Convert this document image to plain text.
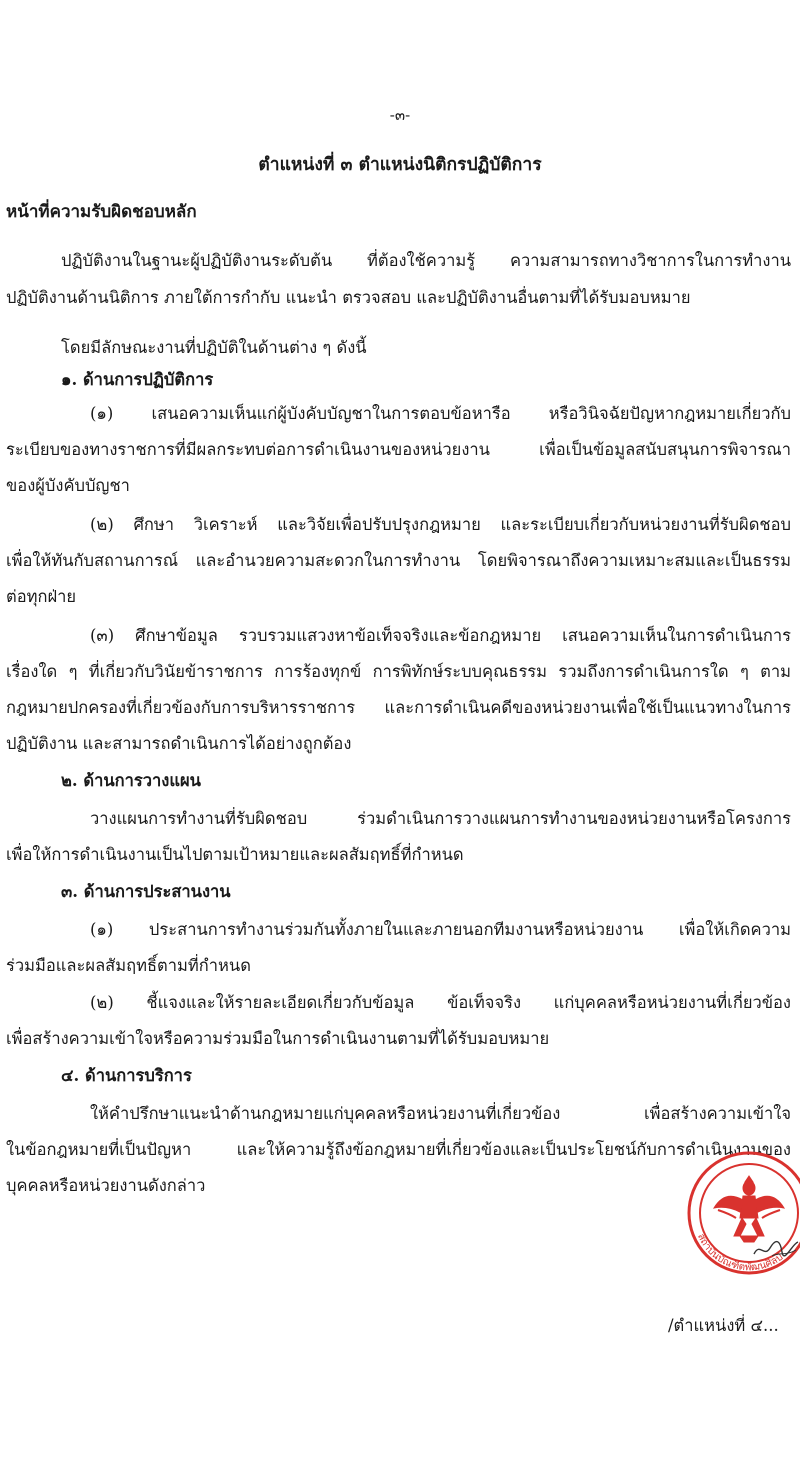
-๓-
ตำแหน่งที่ ๓ ตำแหน่งนิติกรปฏิบัติการ
หน้าที่ความรับผิดชอบหลัก
ปฏิบัติงานในฐานะผู้ปฏิบัติงานระดับต้น ที่ต้องใช้ความรู้ ความสามารถทางวิชาการในการทำงาน
ปฏิบัติงานด้านนิติการ ภายใต้การกำกับ แนะนำ ตรวจสอบ และปฏิบัติงานอื่นตามที่ได้รับมอบหมาย
โดยมีลักษณะงานที่ปฏิบัติในด้านต่าง ๆ ดังนี้
๑. ด้านการปฏิบัติการ
(๑) เสนอความเห็นแก่ผู้บังคับบัญชาในการตอบข้อหารือ หรือวินิจฉัยปัญหากฎหมายเกี่ยวกับ
ระเบียบของทางราชการที่มีผลกระทบต่อการดำเนินงานของหน่วยงาน เพื่อเป็นข้อมูลสนับสนุนการพิจารณา
ของผู้บังคับบัญชา
(๒) ศึกษา วิเคราะห์ และวิจัยเพื่อปรับปรุงกฎหมาย และระเบียบเกี่ยวกับหน่วยงานที่รับผิดชอบ
เพื่อให้ทันกับสถานการณ์ และอำนวยความสะดวกในการทำงาน โดยพิจารณาถึงความเหมาะสมและเป็นธรรม
ต่อทุกฝ่าย
(๓) ศึกษาข้อมูล รวบรวมแสวงหาข้อเท็จจริงและข้อกฎหมาย เสนอความเห็นในการดำเนินการ
เรื่องใด ๆ ที่เกี่ยวกับวินัยข้าราชการ การร้องทุกข์ การพิทักษ์ระบบคุณธรรม รวมถึงการดำเนินการใด ๆ ตาม
กฎหมายปกครองที่เกี่ยวข้องกับการบริหารราชการ และการดำเนินคดีของหน่วยงานเพื่อใช้เป็นแนวทางในการ
ปฏิบัติงาน และสามารถดำเนินการได้อย่างถูกต้อง
๒. ด้านการวางแผน
วางแผนการทำงานที่รับผิดชอบ ร่วมดำเนินการวางแผนการทำงานของหน่วยงานหรือโครงการ
เพื่อให้การดำเนินงานเป็นไปตามเป้าหมายและผลสัมฤทธิ์ที่กำหนด
๓. ด้านการประสานงาน
(๑) ประสานการทำงานร่วมกันทั้งภายในและภายนอกทีมงานหรือหน่วยงาน เพื่อให้เกิดความ
ร่วมมือและผลสัมฤทธิ์ตามที่กำหนด
(๒) ชี้แจงและให้รายละเอียดเกี่ยวกับข้อมูล ข้อเท็จจริง แก่บุคคลหรือหน่วยงานที่เกี่ยวข้อง
เพื่อสร้างความเข้าใจหรือความร่วมมือในการดำเนินงานตามที่ได้รับมอบหมาย
๔. ด้านการบริการ
ให้คำปรึกษาแนะนำด้านกฎหมายแก่บุคคลหรือหน่วยงานที่เกี่ยวข้อง เพื่อสร้างความเข้าใจ
ในข้อกฎหมายที่เป็นปัญหา และให้ความรู้ถึงข้อกฎหมายที่เกี่ยวข้องและเป็นประโยชน์กับการดำเนินงานของ
บุคคลหรือหน่วยงานดังกล่าว
สถาบันบัณฑิตพัฒนศิลป์
/ตำแหน่งที่ ๔...
